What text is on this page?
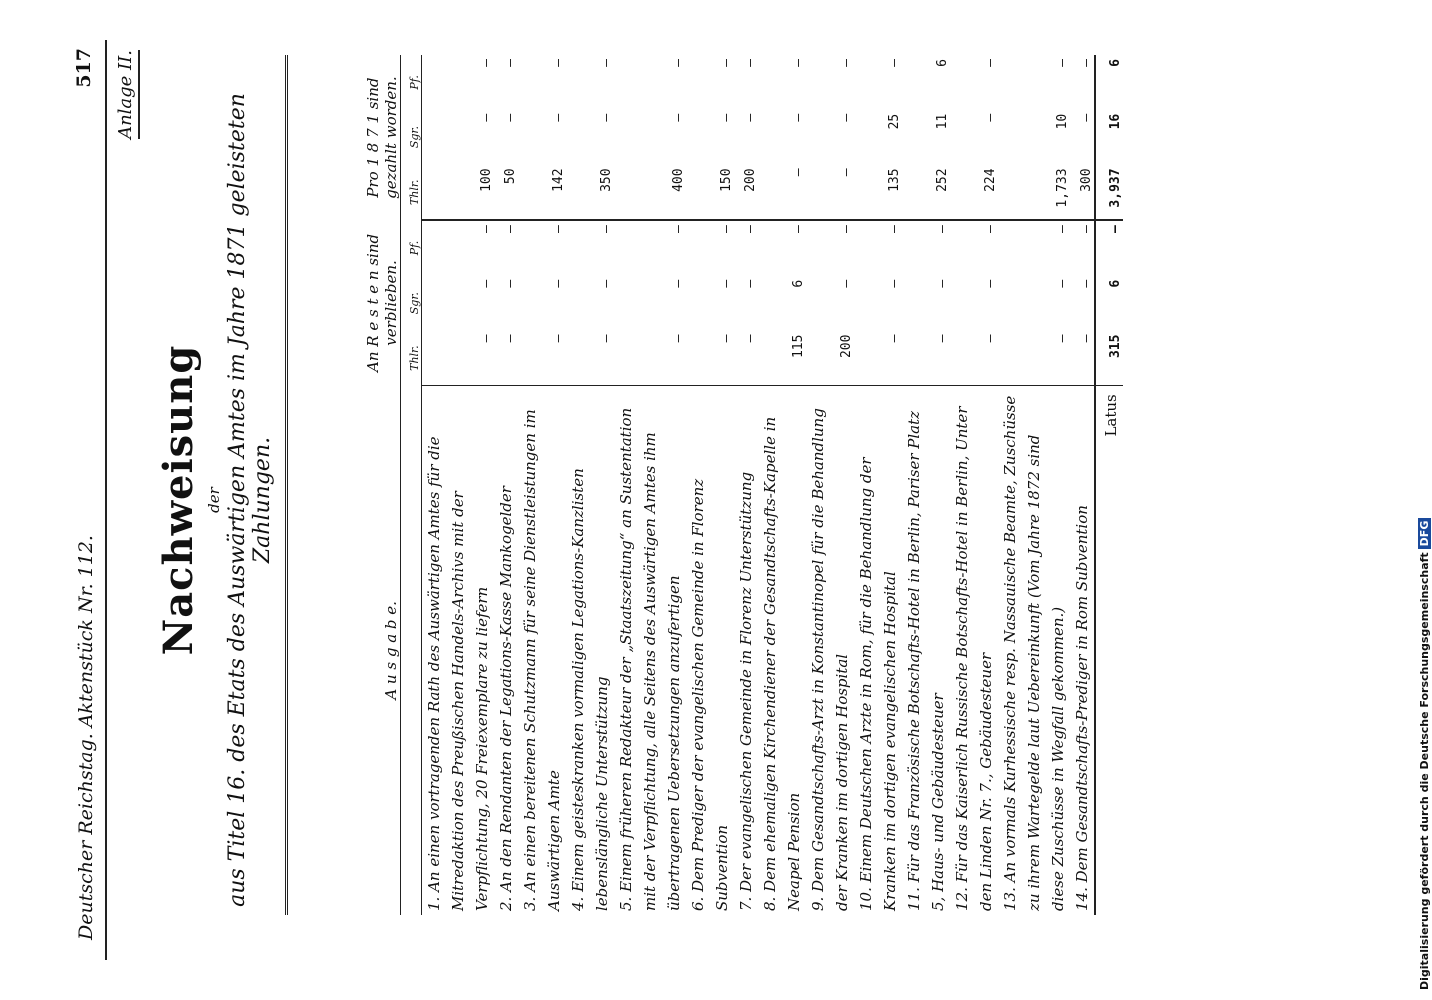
Deutscher Reichstag. Aktenstück Nr. 112.
517 Anlage II.
Nachweisung der aus Titel 16. des Etats des Auswärtigen Amtes im Jahre 1871 geleisteten Zahlungen.
A u s g a b e.	An R e s t e n sind verblieben.			Pro 1 8 7 1 sind gezahlt worden.		
	Thlr.	Sgr.	Pf.	Thlr.	Sgr.	Pf.
1. An einen vortragenden Rath des Auswärtigen Amtes für die Mitredaktion des Preußischen Handels-Archivs mit der Verpflichtung, 20 Freiexemplare zu liefern	—	—	—	100	—	—
2. An den Rendanten der Legations-Kasse Mankogelder	—	—	—	50	—	—
3. An einen bereitenen Schutzmann für seine Dienstleistungen im Auswärtigen Amte	—	—	—	142	—	—
4. Einem geisteskranken vormaligen Legations-Kanzlisten lebenslängliche Unterstützung	—	—	—	350	—	—
5. Einem früheren Redakteur der „Staatszeitung“ an Sustentation mit der Verpflichtung, alle Seitens des Auswärtigen Amtes ihm übertragenen Uebersetzungen anzufertigen	—	—	—	400	—	—
6. Dem Prediger der evangelischen Gemeinde in Florenz Subvention	—	—	—	150	—	—
7. Der evangelischen Gemeinde in Florenz Unterstützung	—	—	—	200	—	—
8. Dem ehemaligen Kirchendiener der Gesandtschafts-Kapelle in Neapel Pension	115	6	—	—	—	—
9. Dem Gesandtschafts-Arzt in Konstantinopel für die Behandlung der Kranken im dortigen Hospital	200	—	—	—	—	—
10. Einem Deutschen Arzte in Rom, für die Behandlung der Kranken im dortigen evangelischen Hospital	—	—	—	135	25	—
11. Für das Französische Botschafts-Hotel in Berlin, Pariser Platz 5, Haus- und Gebäudesteuer	—	—	—	252	11	6
12. Für das Kaiserlich Russische Botschafts-Hotel in Berlin, Unter den Linden Nr. 7., Gebäudesteuer	—	—	—	224	—	—
13. An vormals Kurhessische resp. Nassauische Beamte, Zuschüsse zu ihrem Wartegelde laut Uebereinkunft (Vom Jahre 1872 sind diese Zuschüsse in Wegfall gekommen.)	—	—	—	1,733	10	—
14. Dem Gesandtschafts-Prediger in Rom Subvention	—	—	—	300	—	—
Latus	315	6	—	3,937	16	6
Digitalisierung gefördert durch die Deutsche ForschungsgemeinschaftDFG
